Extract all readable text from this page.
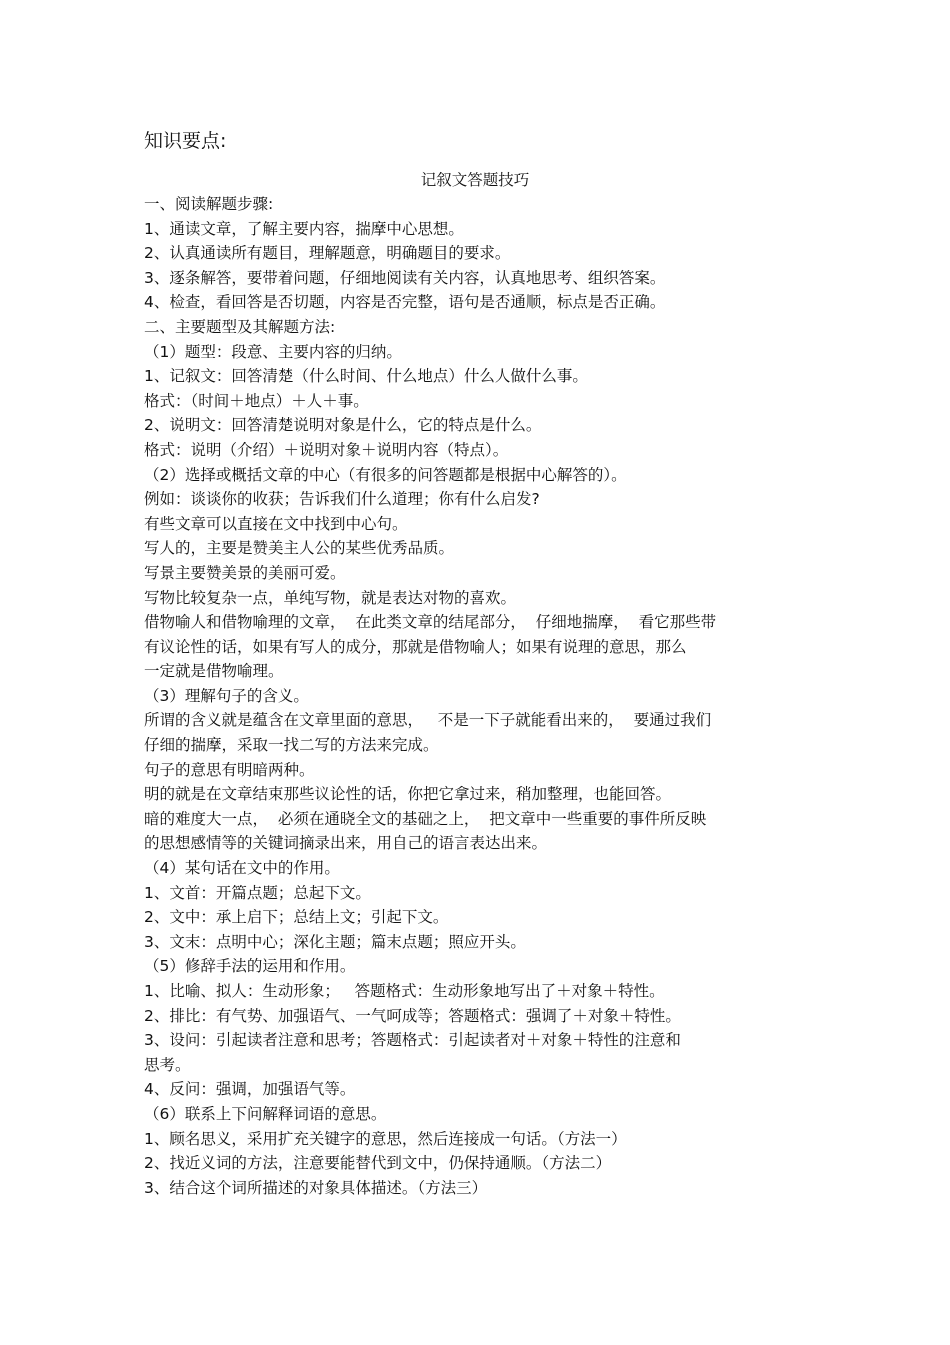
知识要点:
记叙文答题技巧
一、阅读解题步骤:
1、通读文章，了解主要内容，揣摩中心思想。
2、认真通读所有题目，理解题意，明确题目的要求。
3、逐条解答，要带着问题，仔细地阅读有关内容，认真地思考、组织答案。
4、检查，看回答是否切题，内容是否完整，语句是否通顺，标点是否正确。
二、主要题型及其解题方法:
（1）题型：段意、主要内容的归纳。
1、记叙文：回答清楚（什么时间、什么地点）什么人做什么事。
格式：（时间＋地点）＋人＋事。
2、说明文：回答清楚说明对象是什么，它的特点是什么。
格式：说明（介绍）＋说明对象＋说明内容（特点）。
（2）选择或概括文章的中心（有很多的问答题都是根据中心解答的）。
例如：谈谈你的收获；告诉我们什么道理；你有什么启发?
有些文章可以直接在文中找到中心句。
写人的，主要是赞美主人公的某些优秀品质。
写景主要赞美景的美丽可爱。
写物比较复杂一点，单纯写物，就是表达对物的喜欢。
借物喻人和借物喻理的文章，  在此类文章的结尾部分，  仔细地揣摩，  看它那些带
有议论性的话，如果有写人的成分，那就是借物喻人；如果有说理的意思，那么
一定就是借物喻理。
（3）理解句子的含义。
所谓的含义就是蕴含在文章里面的意思，   不是一下子就能看出来的，  要通过我们
仔细的揣摩，采取一找二写的方法来完成。
句子的意思有明暗两种。
明的就是在文章结束那些议论性的话，你把它拿过来，稍加整理，也能回答。
暗的难度大一点，  必须在通晓全文的基础之上，  把文章中一些重要的事件所反映
的思想感情等的关键词摘录出来，用自己的语言表达出来。
（4）某句话在文中的作用。
1、文首：开篇点题；总起下文。
2、文中：承上启下；总结上文；引起下文。
3、文末：点明中心；深化主题；篇末点题；照应开头。
（5）修辞手法的运用和作用。
1、比喻、拟人：生动形象；   答题格式：生动形象地写出了＋对象＋特性。
2、排比：有气势、加强语气、一气呵成等；答题格式：强调了＋对象＋特性。
3、设问：引起读者注意和思考；答题格式：引起读者对＋对象＋特性的注意和
思考。
4、反问：强调，加强语气等。
（6）联系上下问解释词语的意思。
1、顾名思义，采用扩充关键字的意思，然后连接成一句话。（方法一）
2、找近义词的方法，注意要能替代到文中，仍保持通顺。（方法二）
3、结合这个词所描述的对象具体描述。（方法三）
